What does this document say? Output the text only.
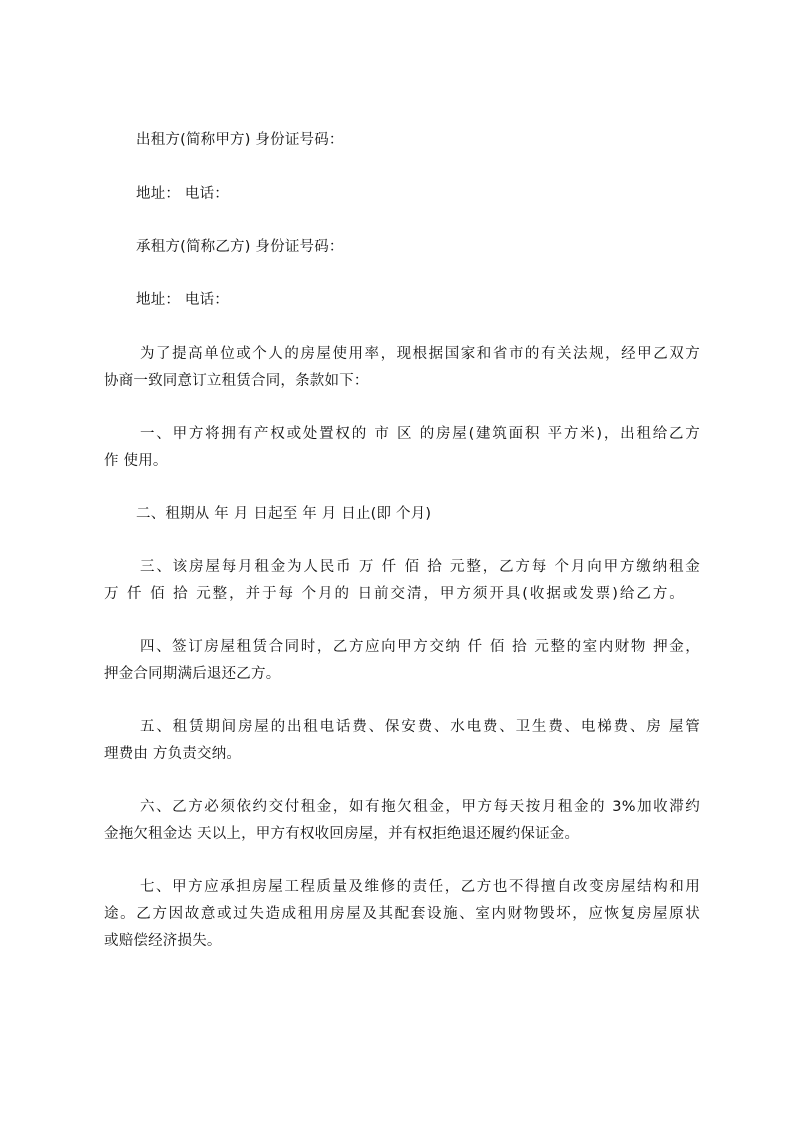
出租方(简称甲方) 身份证号码：

地址： 电话：

承租方(简称乙方) 身份证号码：

地址： 电话：

为了提高单位或个人的房屋使用率，现根据国家和省市的有关法规，经甲乙双方

协商一致同意订立租赁合同，条款如下：

一、甲方将拥有产权或处置权的 市 区 的房屋(建筑面积 平方米)，出租给乙方

作 使用。

二、租期从 年 月 日起至 年 月 日止(即 个月)

三、该房屋每月租金为人民币 万 仟 佰 拾 元整，乙方每 个月向甲方缴纳租金

万 仟 佰 拾 元整，并于每 个月的 日前交清，甲方须开具(收据或发票)给乙方。

四、签订房屋租赁合同时，乙方应向甲方交纳 仟 佰 拾 元整的室内财物 押金，

押金合同期满后退还乙方。

五、租赁期间房屋的出租电话费、保安费、水电费、卫生费、电梯费、房 屋管

理费由 方负责交纳。

六、乙方必须依约交付租金，如有拖欠租金，甲方每天按月租金的 3%加收滞约

金拖欠租金达 天以上，甲方有权收回房屋，并有权拒绝退还履约保证金。

七、甲方应承担房屋工程质量及维修的责任，乙方也不得擅自改变房屋结构和用

途。乙方因故意或过失造成租用房屋及其配套设施、室内财物毁坏，应恢复房屋原状

或赔偿经济损失。
